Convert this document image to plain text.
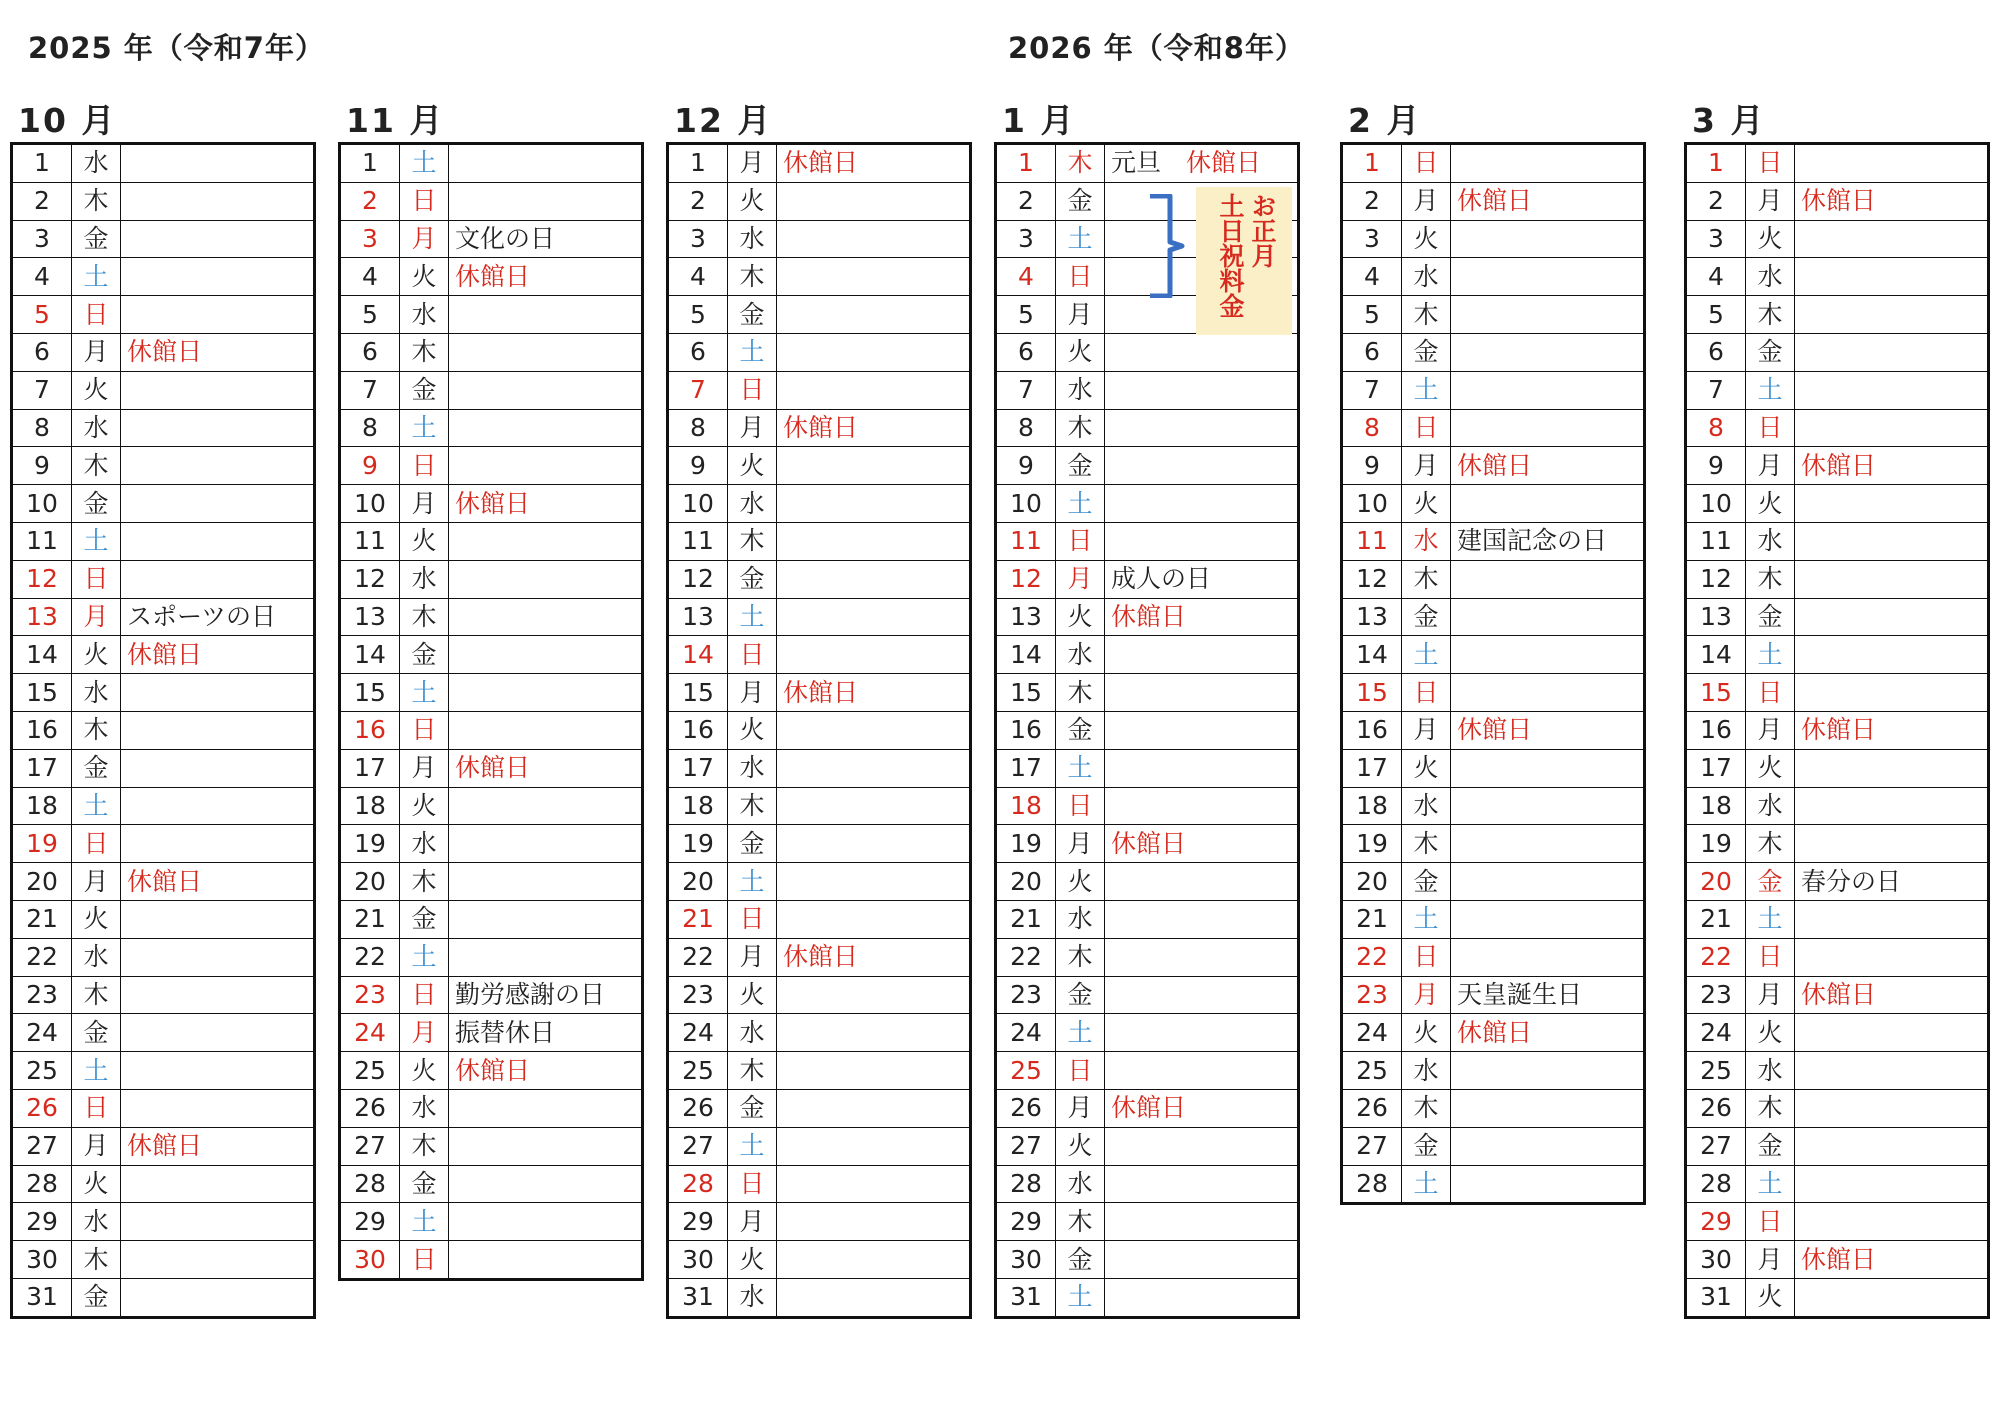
2025 年（令和7年）	2026 年（令和8年）
10 月
1	水	
2	木	
3	金	
4	土	
5	日	
6	月	休館日
7	火	
8	水	
9	木	
10	金	
11	土	
12	日	
13	月	スポーツの日
14	火	休館日
15	水	
16	木	
17	金	
18	土	
19	日	
20	月	休館日
21	火	
22	水	
23	木	
24	金	
25	土	
26	日	
27	月	休館日
28	火	
29	水	
30	木	
31	金	
11 月
1	土	
2	日	
3	月	文化の日
4	火	休館日
5	水	
6	木	
7	金	
8	土	
9	日	
10	月	休館日
11	火	
12	水	
13	木	
14	金	
15	土	
16	日	
17	月	休館日
18	火	
19	水	
20	木	
21	金	
22	土	
23	日	勤労感謝の日
24	月	振替休日
25	火	休館日
26	水	
27	木	
28	金	
29	土	
30	日	
12 月
1	月	休館日
2	火	
3	水	
4	木	
5	金	
6	土	
7	日	
8	月	休館日
9	火	
10	水	
11	木	
12	金	
13	土	
14	日	
15	月	休館日
16	火	
17	水	
18	木	
19	金	
20	土	
21	日	
22	月	休館日
23	火	
24	水	
25	木	
26	金	
27	土	
28	日	
29	月	
30	火	
31	水	
1 月
1	木	元旦　休館日
2	金	
3	土	
4	日	
5	月	
6	火	
7	水	
8	木	
9	金	
10	土	
11	日	
12	月	成人の日
13	火	休館日
14	水	
15	木	
16	金	
17	土	
18	日	
19	月	休館日
20	火	
21	水	
22	木	
23	金	
24	土	
25	日	
26	月	休館日
27	火	
28	水	
29	木	
30	金	
31	土	
2 月
1	日	
2	月	休館日
3	火	
4	水	
5	木	
6	金	
7	土	
8	日	
9	月	休館日
10	火	
11	水	建国記念の日
12	木	
13	金	
14	土	
15	日	
16	月	休館日
17	火	
18	水	
19	木	
20	金	
21	土	
22	日	
23	月	天皇誕生日
24	火	休館日
25	水	
26	木	
27	金	
28	土	
3 月
1	日	
2	月	休館日
3	火	
4	水	
5	木	
6	金	
7	土	
8	日	
9	月	休館日
10	火	
11	水	
12	木	
13	金	
14	土	
15	日	
16	月	休館日
17	火	
18	水	
19	木	
20	金	春分の日
21	土	
22	日	
23	月	休館日
24	火	
25	水	
26	木	
27	金	
28	土	
29	日	
30	月	休館日
31	火	
お正月
土日祝料金
